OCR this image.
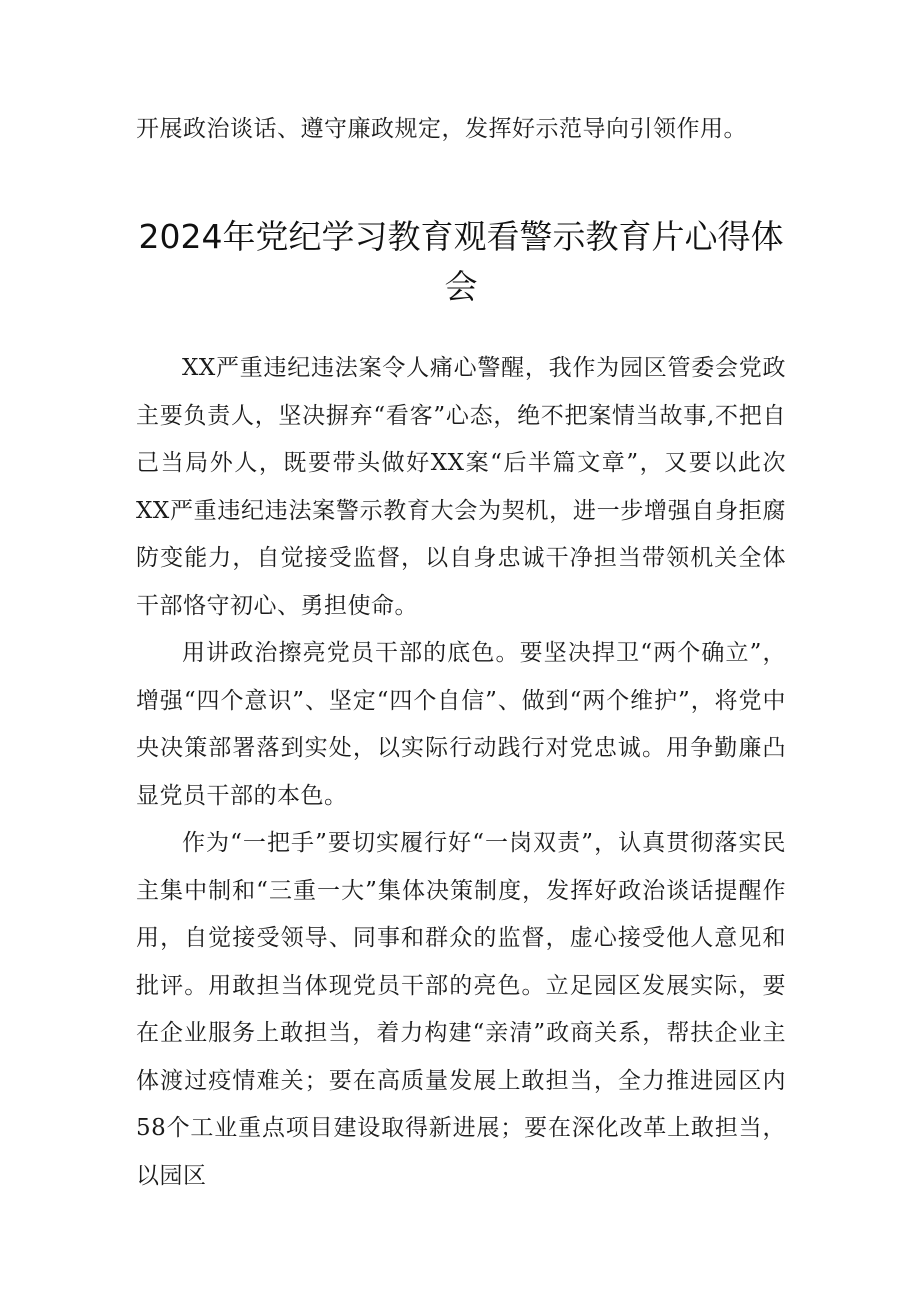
开展政治谈话、遵守廉政规定，发挥好示范导向引领作用。

2024年党纪学习教育观看警示教育片心得体会

XX严重违纪违法案令人痛心警醒，我作为园区管委会党政主要负责人，坚决摒弃“看客”心态，绝不把案情当故事,不把自己当局外人，既要带头做好XX案“后半篇文章”，又要以此次XX严重违纪违法案警示教育大会为契机，进一步增强自身拒腐防变能力，自觉接受监督，以自身忠诚干净担当带领机关全体干部恪守初心、勇担使命。

用讲政治擦亮党员干部的底色。要坚决捍卫“两个确立”，增强“四个意识”、坚定“四个自信”、做到“两个维护”，将党中央决策部署落到实处，以实际行动践行对党忠诚。用争勤廉凸显党员干部的本色。

作为“一把手”要切实履行好“一岗双责”，认真贯彻落实民主集中制和“三重一大”集体决策制度，发挥好政治谈话提醒作用，自觉接受领导、同事和群众的监督，虚心接受他人意见和批评。用敢担当体现党员干部的亮色。立足园区发展实际，要在企业服务上敢担当，着力构建“亲清”政商关系，帮扶企业主体渡过疫情难关；要在高质量发展上敢担当，全力推进园区内58个工业重点项目建设取得新进展；要在深化改革上敢担当，以园区
